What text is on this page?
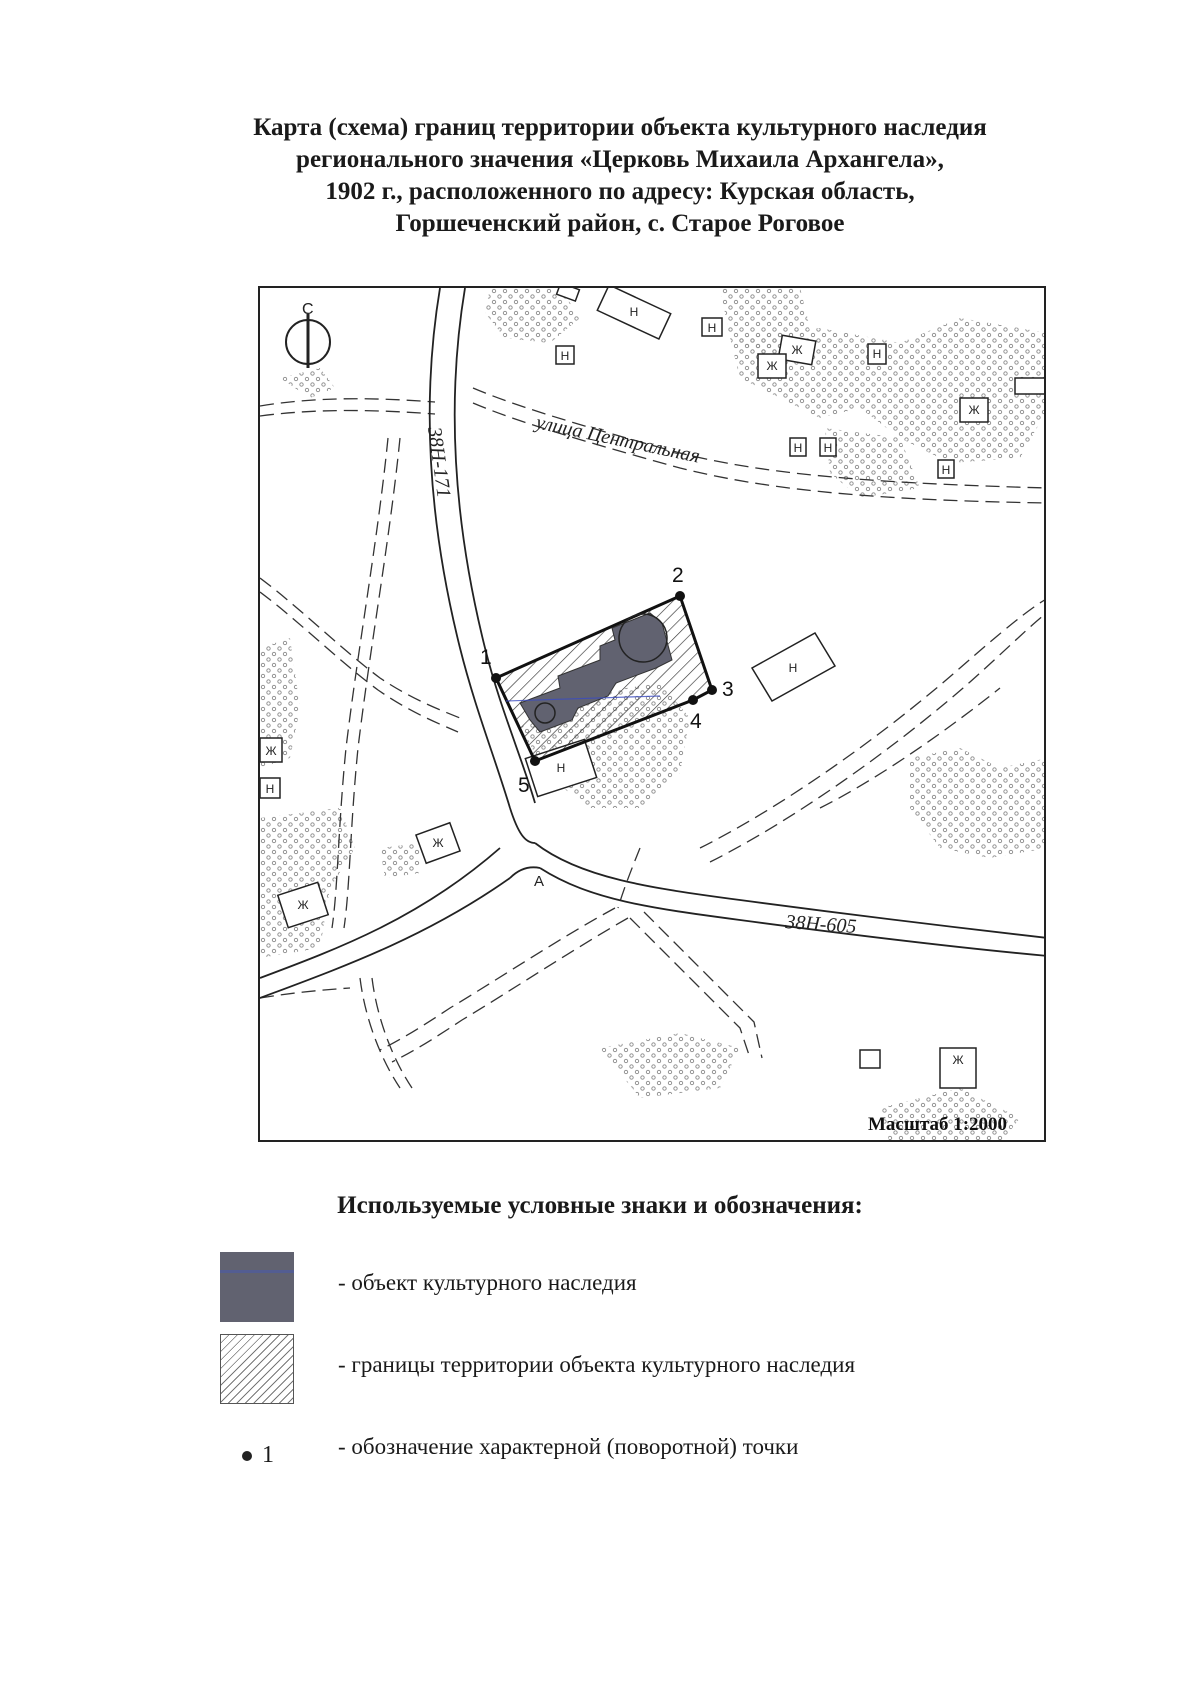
Карта (схема) границ территории объекта культурного наследия
регионального значения «Церковь Михаила Архангела»,
1902 г., расположенного по адресу: Курская область,
Горшеченский район, с. Старое Роговое
38Н-171
38Н-605
улица Центральная
А
С	Н
Н
Н	Ж
Ж
Н
Ж
Н Н
Н
Н
Н
Ж
Ж
Ж
Н
Ж
1
2
3
4
5
Масштаб 1:2000
Используемые условные знаки и обозначения:
- объект культурного наследия
- границы территории объекта культурного наследия
1	- обозначение характерной (поворотной) точки
